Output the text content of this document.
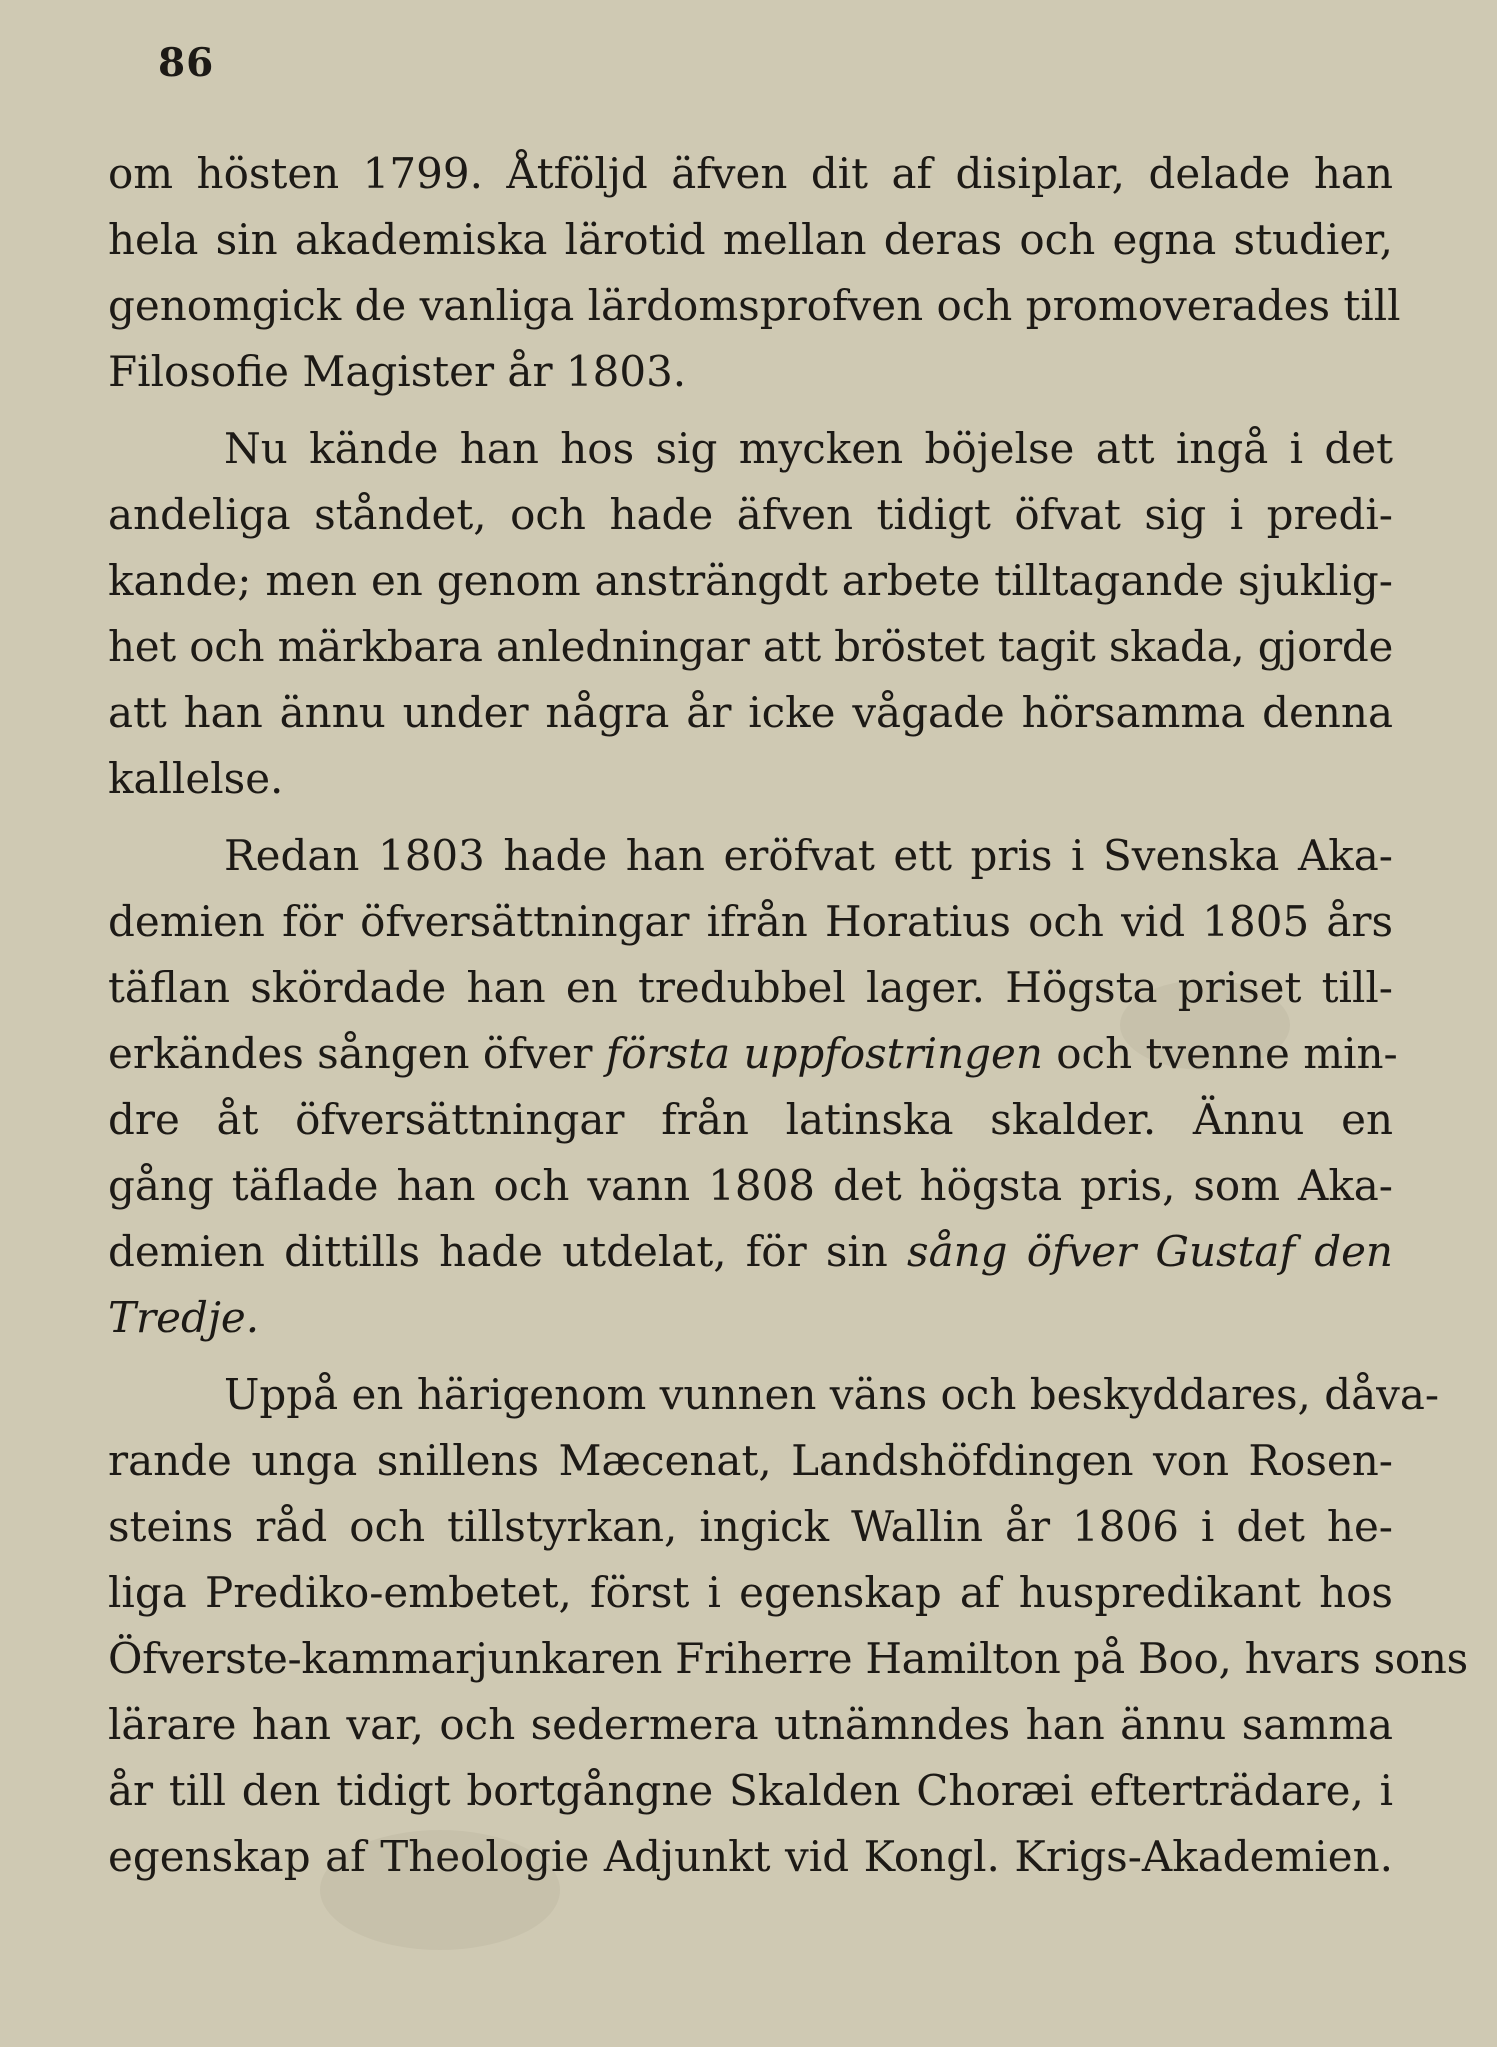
86
om hösten 1799. Åtföljd äfven dit af disiplar, delade han
hela sin akademiska lärotid mellan deras och egna studier,
genomgick de vanliga lärdomsprofven och promoverades till
Filosofie Magister år 1803.
Nu kände han hos sig mycken böjelse att ingå i det
andeliga ståndet, och hade äfven tidigt öfvat sig i predi-
kande; men en genom ansträngdt arbete tilltagande sjuklig-
het och märkbara anledningar att bröstet tagit skada, gjorde
att han ännu under några år icke vågade hörsamma denna
kallelse.
Redan 1803 hade han eröfvat ett pris i Svenska Aka-
demien för öfversättningar ifrån Horatius och vid 1805 års
täflan skördade han en tredubbel lager. Högsta priset till-
erkändes sången öfver första uppfostringen och tvenne min-
dre åt öfversättningar från latinska skalder. Ännu en
gång täflade han och vann 1808 det högsta pris, som Aka-
demien dittills hade utdelat, för sin sång öfver Gustaf den
Tredje.
Uppå en härigenom vunnen väns och beskyddares, dåva-
rande unga snillens Mæcenat, Landshöfdingen von Rosen-
steins råd och tillstyrkan, ingick Wallin år 1806 i det he-
liga Prediko-embetet, först i egenskap af huspredikant hos
Öfverste-kammarjunkaren Friherre Hamilton på Boo, hvars sons
lärare han var, och sedermera utnämndes han ännu samma
år till den tidigt bortgångne Skalden Choræi efterträdare, i
egenskap af Theologie Adjunkt vid Kongl. Krigs-Akademien.
